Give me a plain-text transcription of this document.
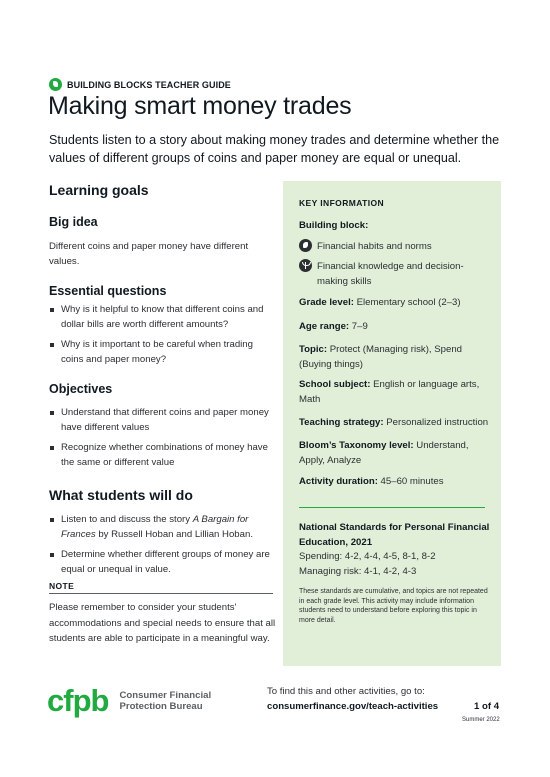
BUILDING BLOCKS TEACHER GUIDE
Making smart money trades

Students listen to a story about making money trades and determine whether the values of different groups of coins and paper money are equal or unequal.

Learning goals
Big idea

Different coins and paper money have different values.

Essential questions
Why is it helpful to know that different coins and dollar bills are worth different amounts?
Why is it important to be careful when trading coins and paper money?
Objectives
Understand that different coins and paper money have different values
Recognize whether combinations of money have the same or different value
What students will do
Listen to and discuss the story A Bargain for Frances by Russell Hoban and Lillian Hoban.
Determine whether different groups of money are equal or unequal in value.
NOTE

Please remember to consider your students' accommodations and special needs to ensure that all students are able to participate in a meaningful way.

KEY INFORMATION
Building block:
Financial habits and norms
Financial knowledge and decision-making skills
Grade level: Elementary school (2–3)
Age range: 7–9
Topic: Protect (Managing risk), Spend (Buying things)
School subject: English or language arts, Math
Teaching strategy: Personalized instruction
Bloom’s Taxonomy level: Understand, Apply, Analyze
Activity duration: 45–60 minutes
National Standards for Personal Financial Education, 2021
Spending: 4-2, 4-4, 4-5, 8-1, 8-2
Managing risk: 4-1, 4-2, 4-3
These standards are cumulative, and topics are not repeated in each grade level. This activity may include information students need to understand before exploring this topic in more detail.
cfpb Consumer Financial
Protection Bureau
To find this and other activities, go to:
consumerfinance.gov/teach-activities	1 of 4
Summer 2022
